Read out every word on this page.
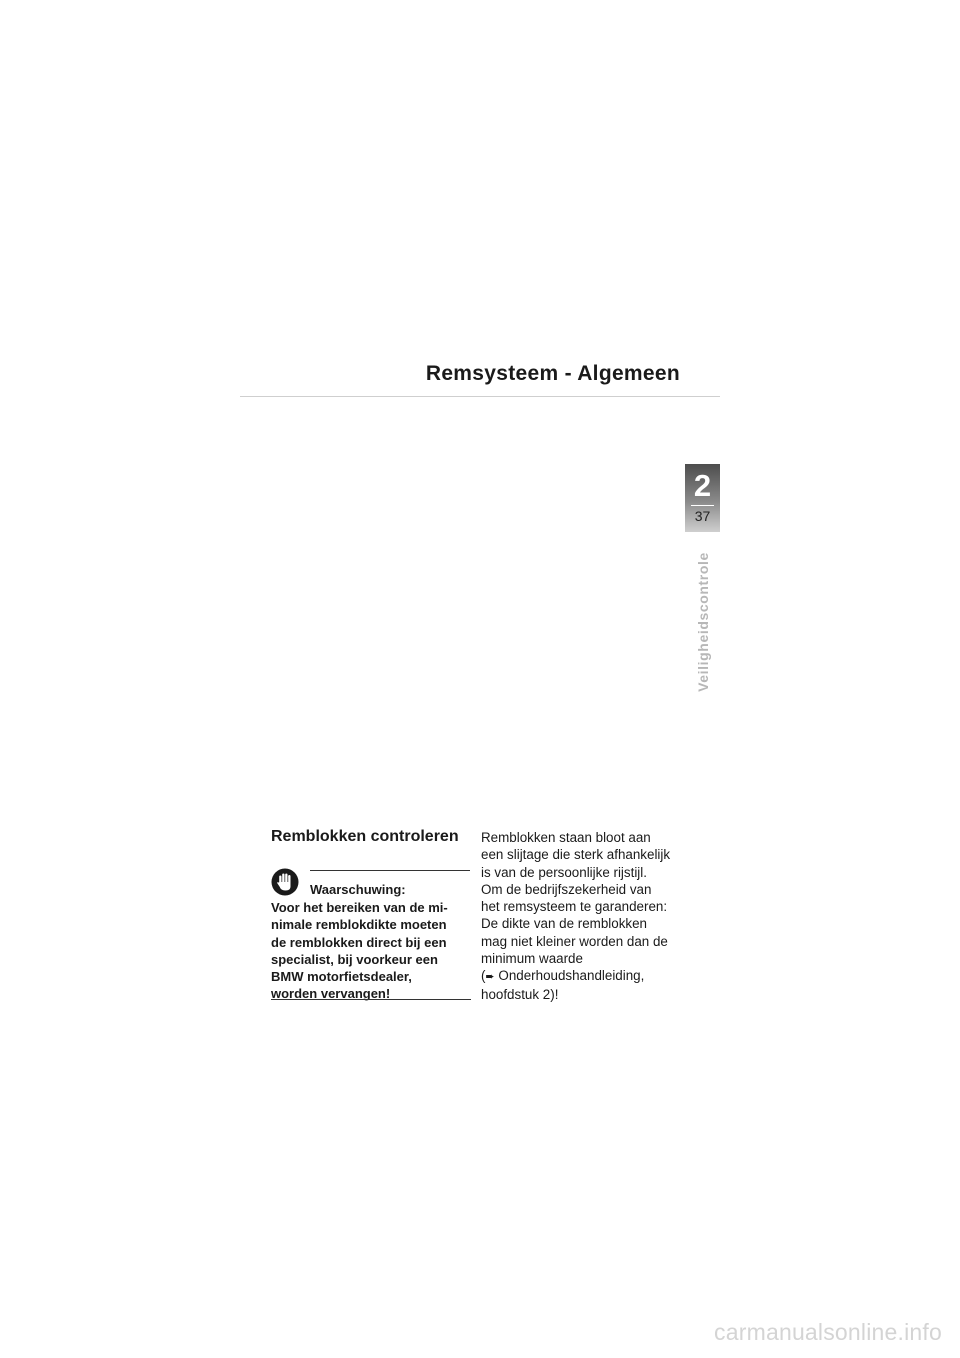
Remsysteem - Algemeen
2
37
Veiligheidscontrole
Remblokken controleren
Waarschuwing:

Voor het bereiken van de mi-
nimale remblokdikte moeten
de remblokken direct bij een
specialist, bij voorkeur een
BMW motorfietsdealer,
worden vervangen!

Remblokken staan bloot aan
een slijtage die sterk afhankelijk
is van de persoonlijke rijstijl.
Om de bedrijfszekerheid van
het remsysteem te garanderen:
De dikte van de remblokken
mag niet kleiner worden dan de
minimum waarde
(➨ Onderhoudshandleiding,
hoofdstuk 2)!

carmanualsonline.info
